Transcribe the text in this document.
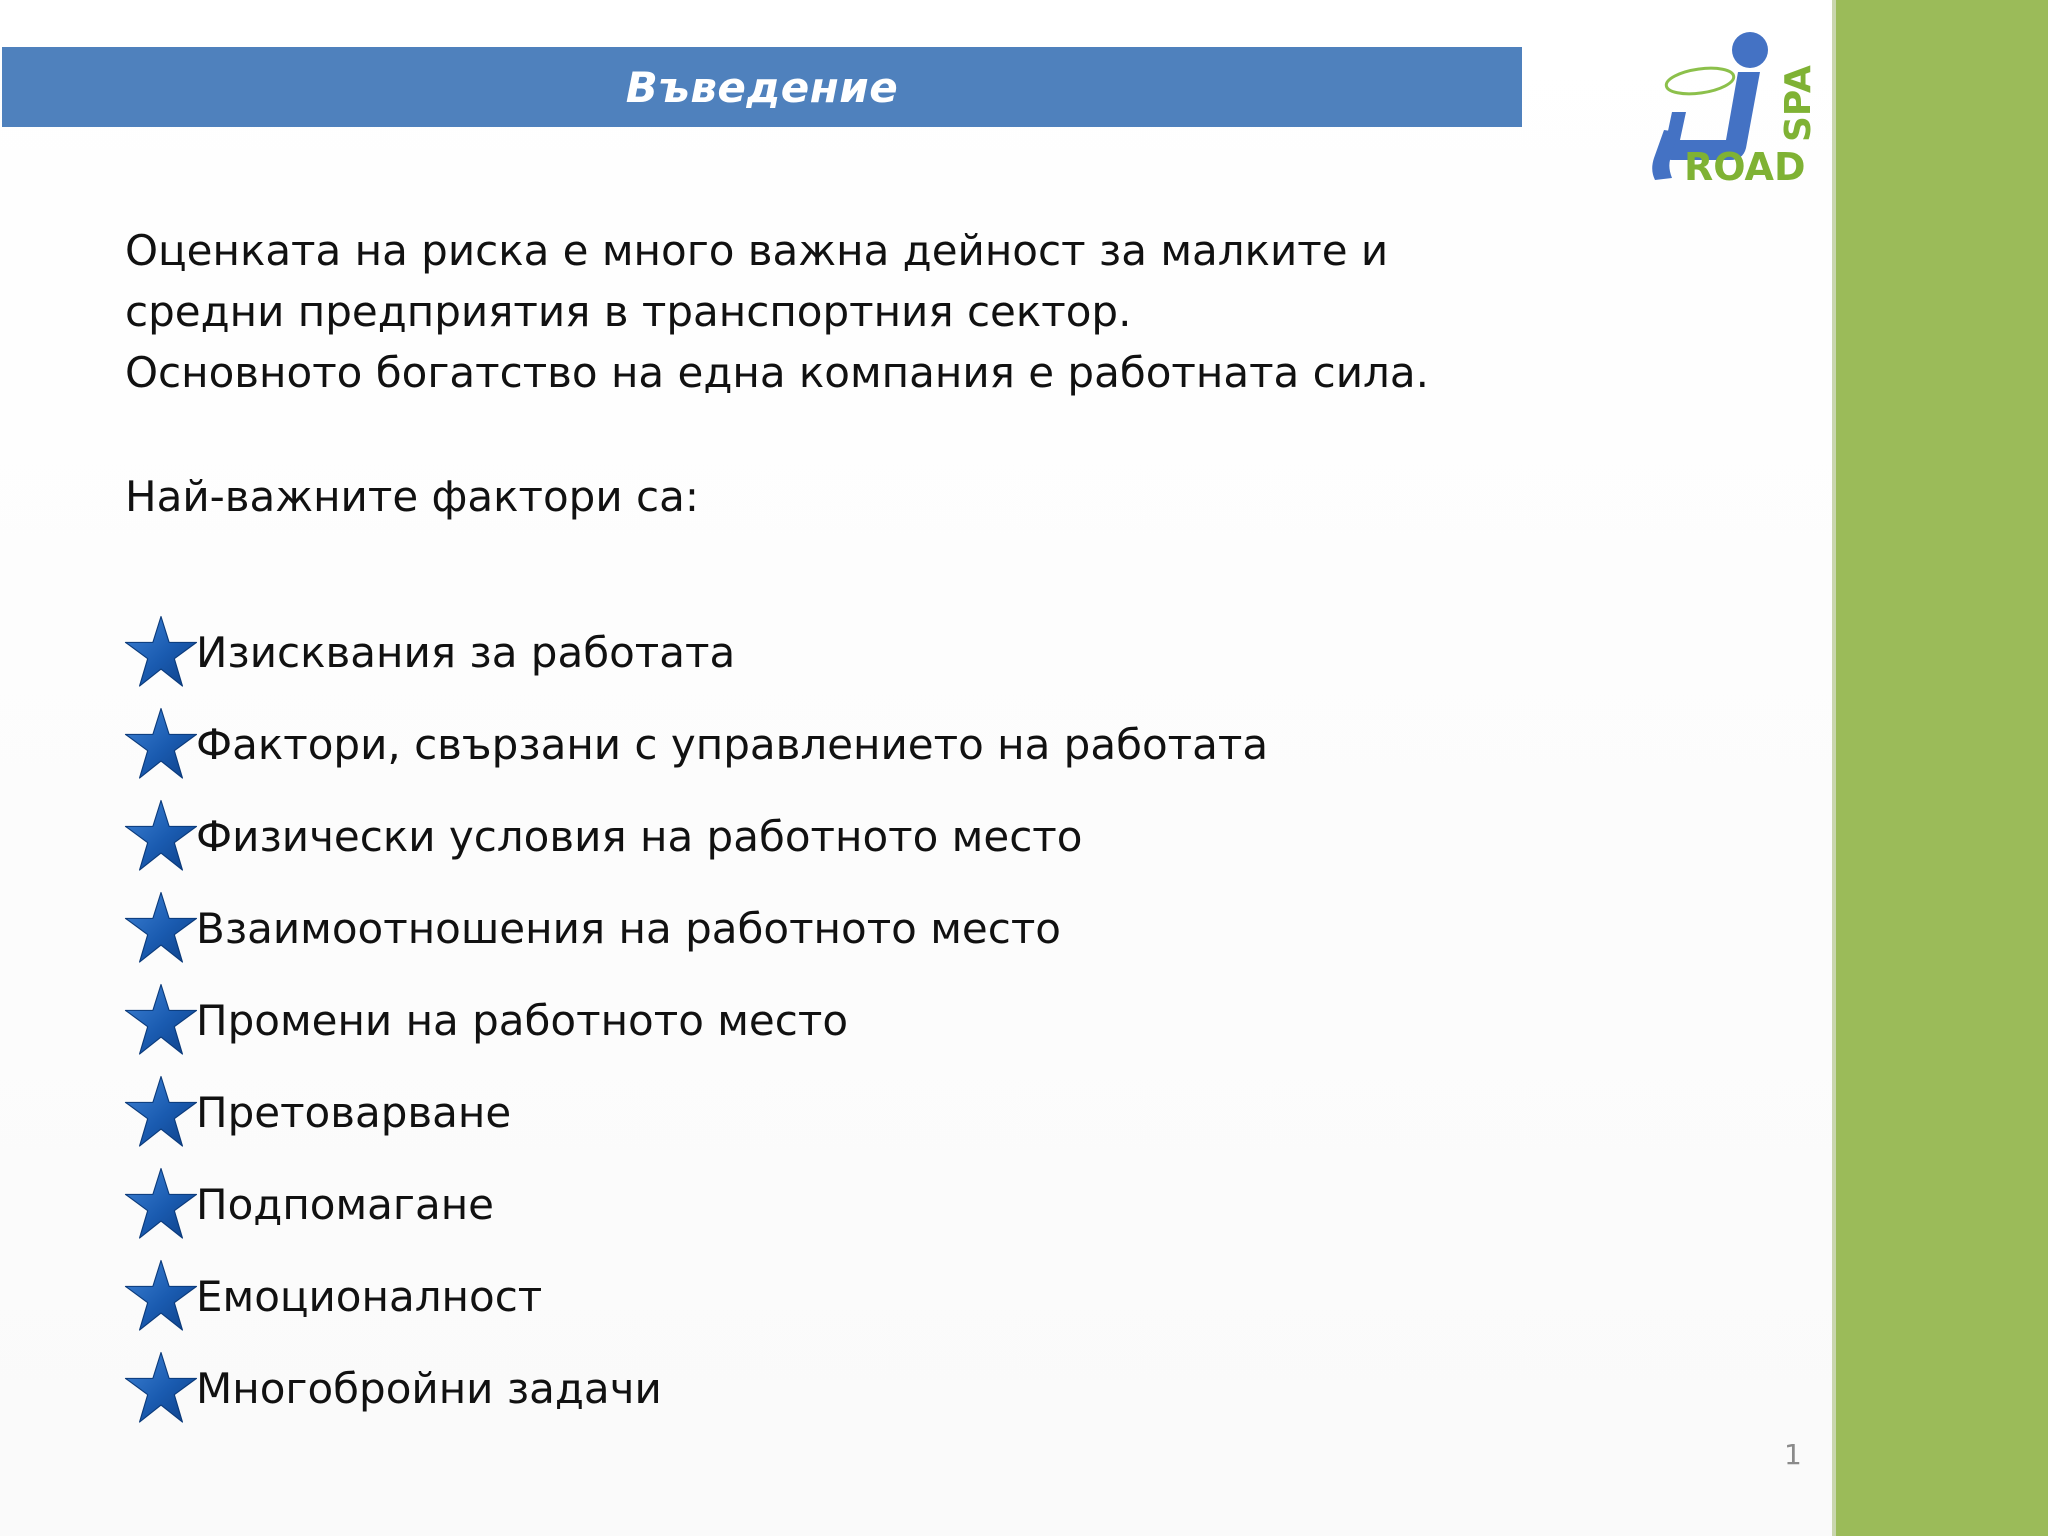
Въведение
ROAD
SPA

Оценката на риска е много важна дейност за малките и средни предприятия в транспортния сектор.

Основното богатство на една компания е работната сила.

Най-важните фактори са:
Изисквания за работата
Фактори, свързани с управлението на работата
Физически условия на работното место
Взаимоотношения на работното место
Промени на работното место
Претоварване
Подпомагане
Емоционалност
Многобройни задачи
1
